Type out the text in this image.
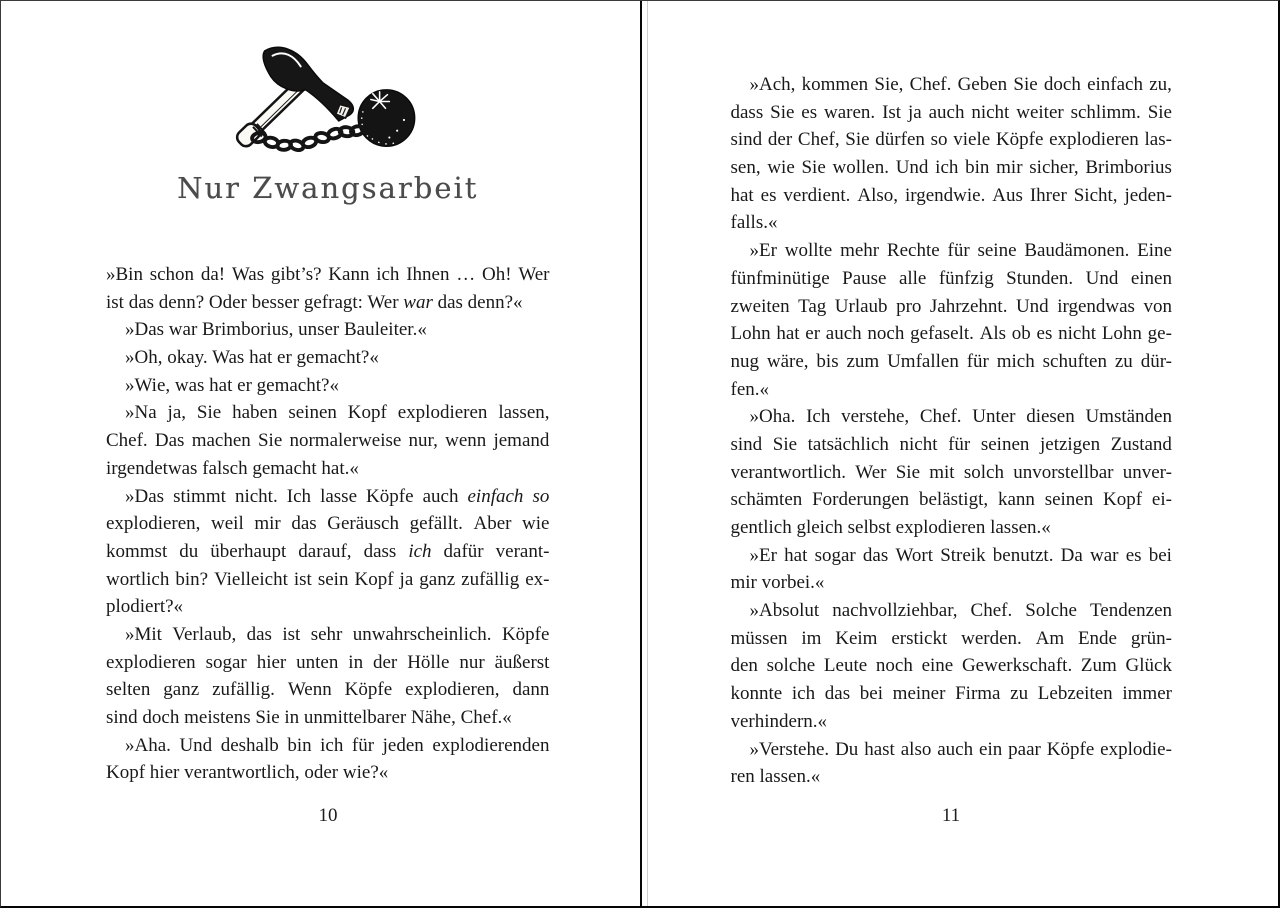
Nur Zwangsarbeit
»Bin schon da! Was gibt’s? Kann ich Ihnen … Oh! Wer
ist das denn? Oder besser gefragt: Wer war das denn?«
»Das war Brimborius, unser Bauleiter.«
»Oh, okay. Was hat er gemacht?«
»Wie, was hat er gemacht?«
»Na ja, Sie haben seinen Kopf explodieren lassen,
Chef. Das machen Sie normalerweise nur, wenn jemand
irgendetwas falsch gemacht hat.«
»Das stimmt nicht. Ich lasse Köpfe auch einfach so
explodieren, weil mir das Geräusch gefällt. Aber wie
kommst du überhaupt darauf, dass ich dafür verant-
wortlich bin? Vielleicht ist sein Kopf ja ganz zufällig ex-
plodiert?«
»Mit Verlaub, das ist sehr unwahrscheinlich. Köpfe
explodieren sogar hier unten in der Hölle nur äußerst
selten ganz zufällig. Wenn Köpfe explodieren, dann
sind doch meistens Sie in unmittelbarer Nähe, Chef.«
»Aha. Und deshalb bin ich für jeden explodierenden
Kopf hier verantwortlich, oder wie?«
10
»Ach, kommen Sie, Chef. Geben Sie doch einfach zu,
dass Sie es waren. Ist ja auch nicht weiter schlimm. Sie
sind der Chef, Sie dürfen so viele Köpfe explodieren las-
sen, wie Sie wollen. Und ich bin mir sicher, Brimborius
hat es verdient. Also, irgendwie. Aus Ihrer Sicht, jeden-
falls.«
»Er wollte mehr Rechte für seine Baudämonen. Eine
fünfminütige Pause alle fünfzig Stunden. Und einen
zweiten Tag Urlaub pro Jahrzehnt. Und irgendwas von
Lohn hat er auch noch gefaselt. Als ob es nicht Lohn ge-
nug wäre, bis zum Umfallen für mich schuften zu dür-
fen.«
»Oha. Ich verstehe, Chef. Unter diesen Umständen
sind Sie tatsächlich nicht für seinen jetzigen Zustand
verantwortlich. Wer Sie mit solch unvorstellbar unver-
schämten Forderungen belästigt, kann seinen Kopf ei-
gentlich gleich selbst explodieren lassen.«
»Er hat sogar das Wort Streik benutzt. Da war es bei
mir vorbei.«
»Absolut nachvollziehbar, Chef. Solche Tendenzen
müssen im Keim erstickt werden. Am Ende grün-
den solche Leute noch eine Gewerkschaft. Zum Glück
konnte ich das bei meiner Firma zu Lebzeiten immer
verhindern.«
»Verstehe. Du hast also auch ein paar Köpfe explodie-
ren lassen.«
11
